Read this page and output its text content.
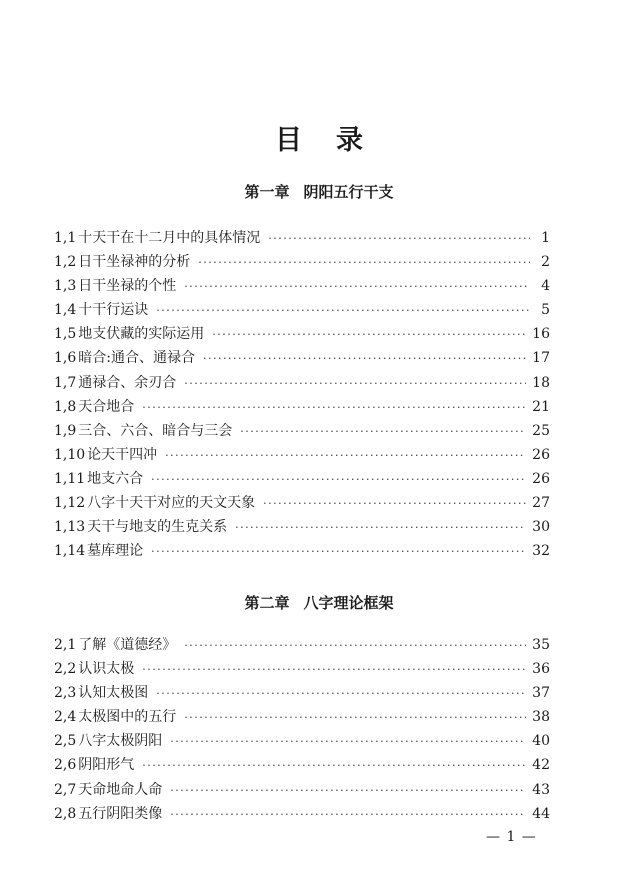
目录
第一章 阴阳五行干支
1,1 十天干在十二月中的具体情况 ·····	1
1,2 日干坐禄神的分析 ·····	2
1,3 日干坐禄的个性 ·····	4
1,4 十干行运诀 ·····	5
1,5 地支伏藏的实际运用 ·····	16
1,6 暗合:通合、通禄合 ·····	17
1,7 通禄合、余刃合 ·····	18
1,8 天合地合 ·····	21
1,9 三合、六合、暗合与三会 ·····	25
1,10 论天干四冲 ·····	26
1,11 地支六合 ·····	26
1,12 八字十天干对应的天文天象 ·····	27
1,13 天干与地支的生克关系 ·····	30
1,14 墓库理论 ·····	32
第二章 八字理论框架
2,1 了解《道德经》 ·····	35
2,2 认识太极 ·····	36
2,3 认知太极图 ·····	37
2,4 太极图中的五行 ·····	38
2,5 八字太极阴阳 ·····	40
2,6 阴阳形气 ·····	42
2,7 天命地命人命 ·····	43
2,8 五行阴阳类像 ·····	44
— 1 —
